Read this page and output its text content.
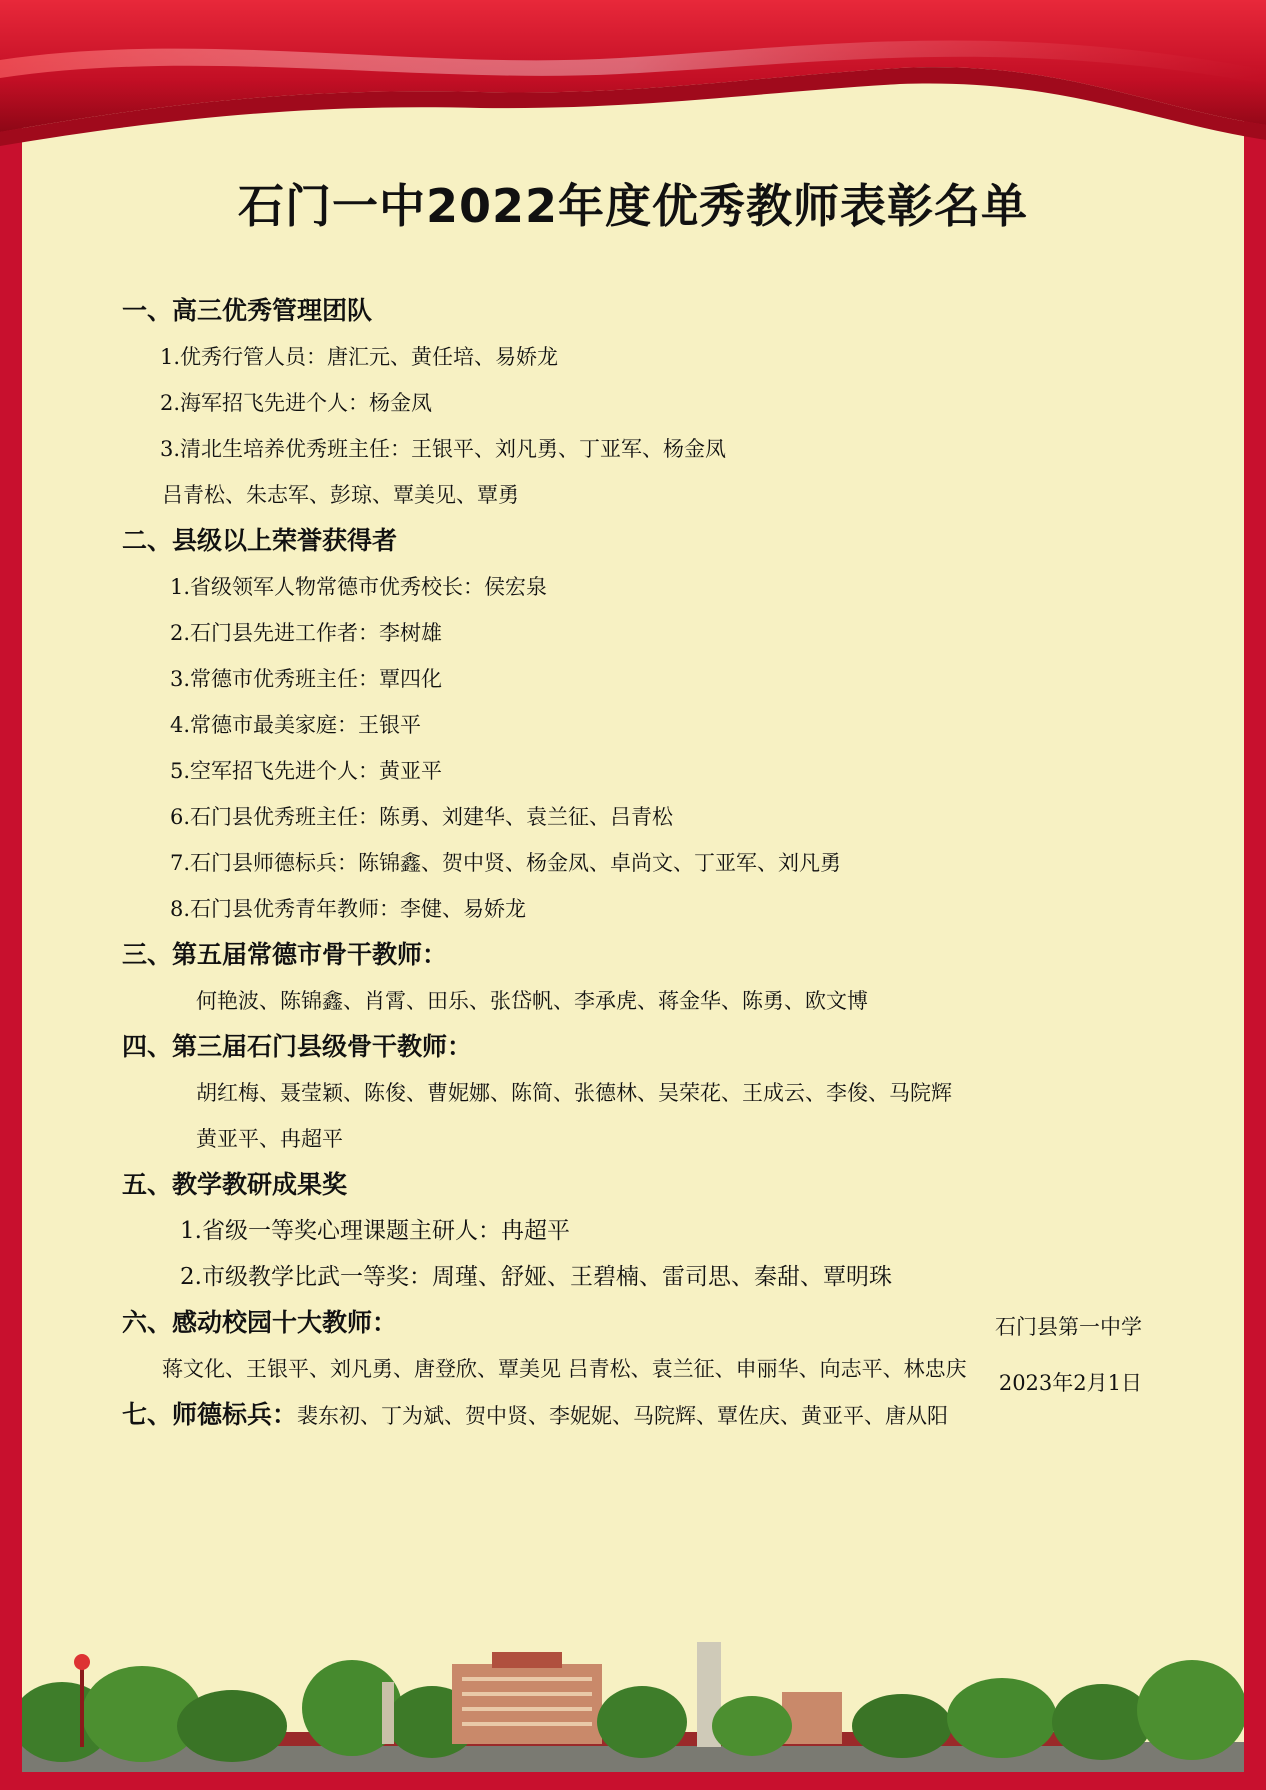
石门一中2022年度优秀教师表彰名单
一、高三优秀管理团队
1.优秀行管人员：唐汇元、黄任培、易娇龙
2.海军招飞先进个人：杨金凤
3.清北生培养优秀班主任：王银平、刘凡勇、丁亚军、杨金凤
吕青松、朱志军、彭琼、覃美见、覃勇
二、县级以上荣誉获得者
1.省级领军人物常德市优秀校长：侯宏泉
2.石门县先进工作者：李树雄
3.常德市优秀班主任：覃四化
4.常德市最美家庭：王银平
5.空军招飞先进个人：黄亚平
6.石门县优秀班主任：陈勇、刘建华、袁兰征、吕青松
7.石门县师德标兵：陈锦鑫、贺中贤、杨金凤、卓尚文、丁亚军、刘凡勇
8.石门县优秀青年教师：李健、易娇龙
三、第五届常德市骨干教师：
何艳波、陈锦鑫、肖霄、田乐、张岱帆、李承虎、蒋金华、陈勇、欧文博
四、第三届石门县级骨干教师：
胡红梅、聂莹颖、陈俊、曹妮娜、陈简、张德林、吴荣花、王成云、李俊、马院辉
黄亚平、冉超平
五、教学教研成果奖
1.省级一等奖心理课题主研人：冉超平
2.市级教学比武一等奖：周瑾、舒娅、王碧楠、雷司思、秦甜、覃明珠
六、感动校园十大教师：
蒋文化、王银平、刘凡勇、唐登欣、覃美见 吕青松、袁兰征、申丽华、向志平、林忠庆
七、师德标兵：裴东初、丁为斌、贺中贤、李妮妮、马院辉、覃佐庆、黄亚平、唐从阳
石门县第一中学
2023年2月1日
